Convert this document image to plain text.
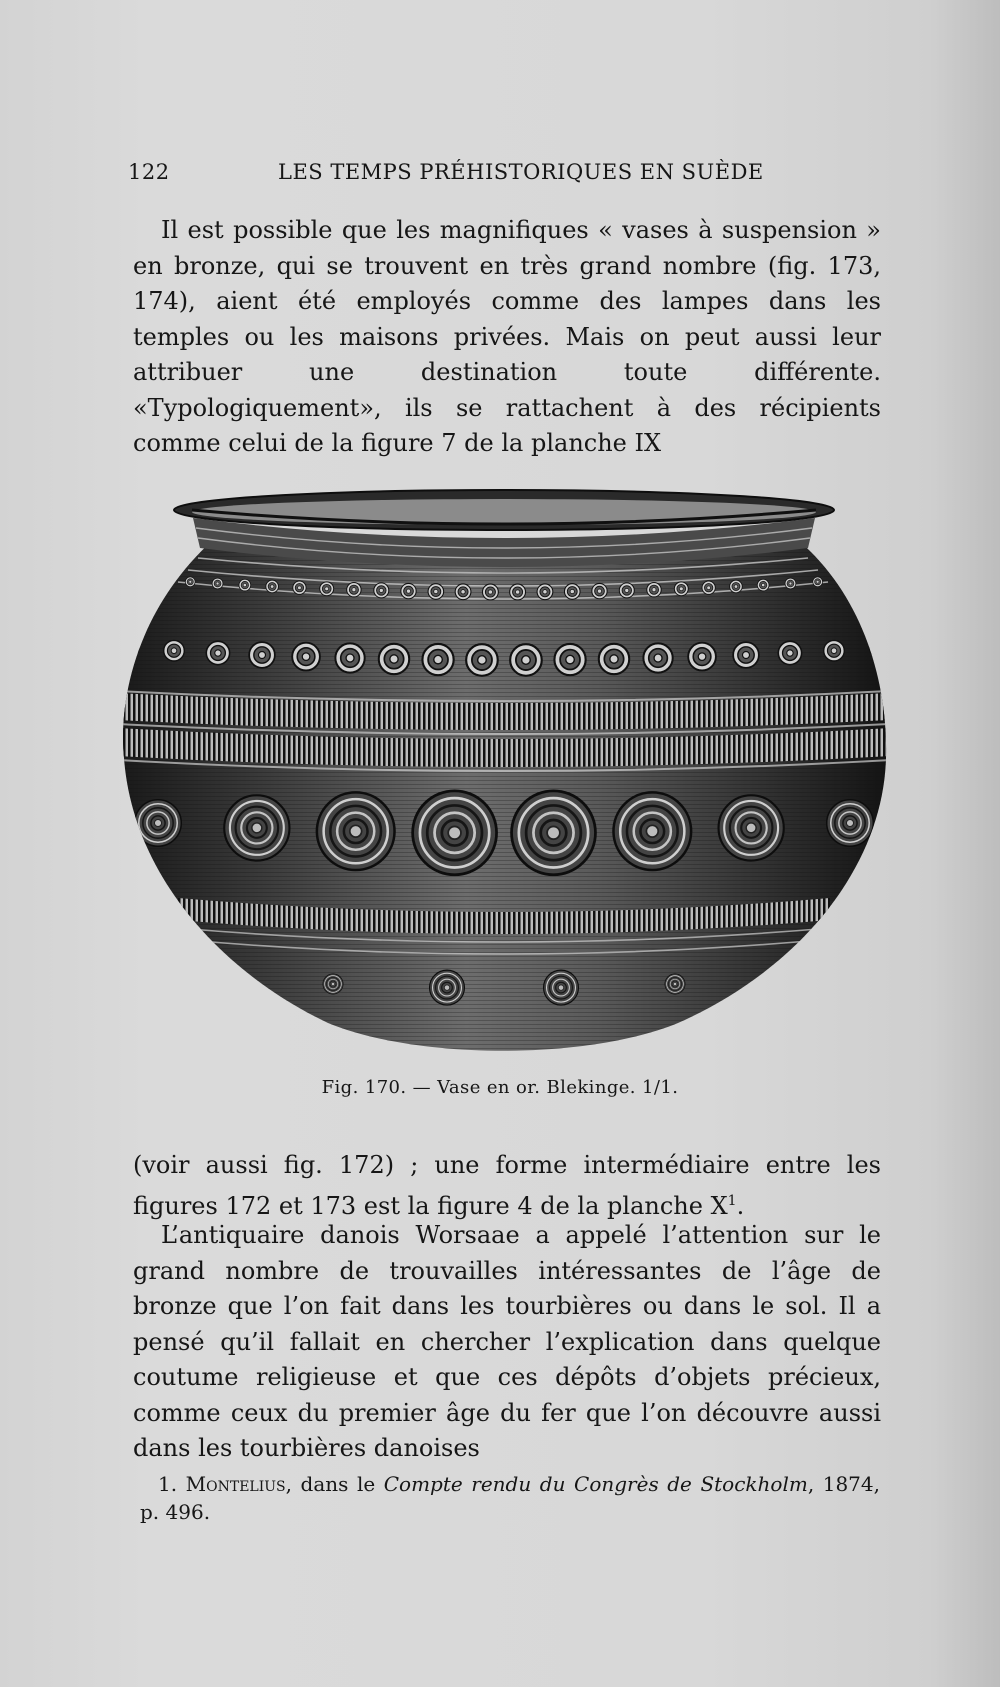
122	LES TEMPS PRÉHISTORIQUES EN SUÈDE

Il est possible que les magnifiques « vases à suspension » en bronze, qui se trouvent en très grand nombre (fig. 173, 174), aient été employés comme des lampes dans les temples ou les maisons privées. Mais on peut aussi leur attribuer une destination toute différente. «Typologiquement», ils se rattachent à des récipients comme celui de la figure 7 de la planche IX

Fig. 170. — Vase en or. Blekinge. 1/1.

(voir aussi fig. 172) ; une forme intermédiaire entre les figures 172 et 173 est la figure 4 de la planche $X^1$.

L’antiquaire danois Worsaae a appelé l’attention sur le grand nombre de trouvailles intéressantes de l’âge de bronze que l’on fait dans les tourbières ou dans le sol. Il a pensé qu’il fallait en chercher l’explication dans quelque coutume religieuse et que ces dépôts d’objets précieux, comme ceux du premier âge du fer que l’on découvre aussi dans les tourbières danoises

1. Montelius, dans le Compte rendu du Congrès de Stockholm, 1874, p. 496.
